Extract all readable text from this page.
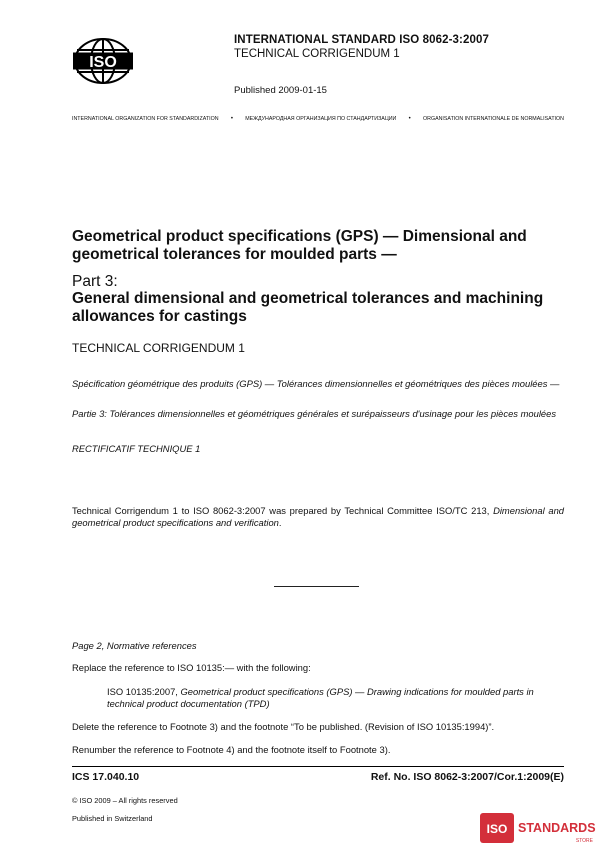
ISO
INTERNATIONAL STANDARD ISO 8062-3:2007
TECHNICAL CORRIGENDUM 1
Published 2009-01-15
INTERNATIONAL ORGANIZATION FOR STANDARDIZATION • МЕЖДУНАРОДНАЯ ОРГАНИЗАЦИЯ ПО СТАНДАРТИЗАЦИИ • ORGANISATION INTERNATIONALE DE NORMALISATION
Geometrical product specifications (GPS) — Dimensional and geometrical tolerances for moulded parts —
Part 3:
General dimensional and geometrical tolerances and machining allowances for castings
TECHNICAL CORRIGENDUM 1
Spécification géométrique des produits (GPS) — Tolérances dimensionnelles et géométriques des pièces moulées —
Partie 3: Tolérances dimensionnelles et géométriques générales et surépaisseurs d'usinage pour les pièces moulées
RECTIFICATIF TECHNIQUE 1
Technical Corrigendum 1 to ISO 8062-3:2007 was prepared by Technical Committee ISO/TC 213, Dimensional and geometrical product specifications and verification.
Page 2, Normative references
Replace the reference to ISO 10135:— with the following:
ISO 10135:2007, Geometrical product specifications (GPS) — Drawing indications for moulded parts in technical product documentation (TPD)
Delete the reference to Footnote 3) and the footnote “To be published. (Revision of ISO 10135:1994)”.
Renumber the reference to Footnote 4) and the footnote itself to Footnote 3).
ICS 17.040.10	Ref. No. ISO 8062-3:2007/Cor.1:2009(E)
© ISO 2009 – All rights reserved
Published in Switzerland
ISO STANDARDS
STORE
